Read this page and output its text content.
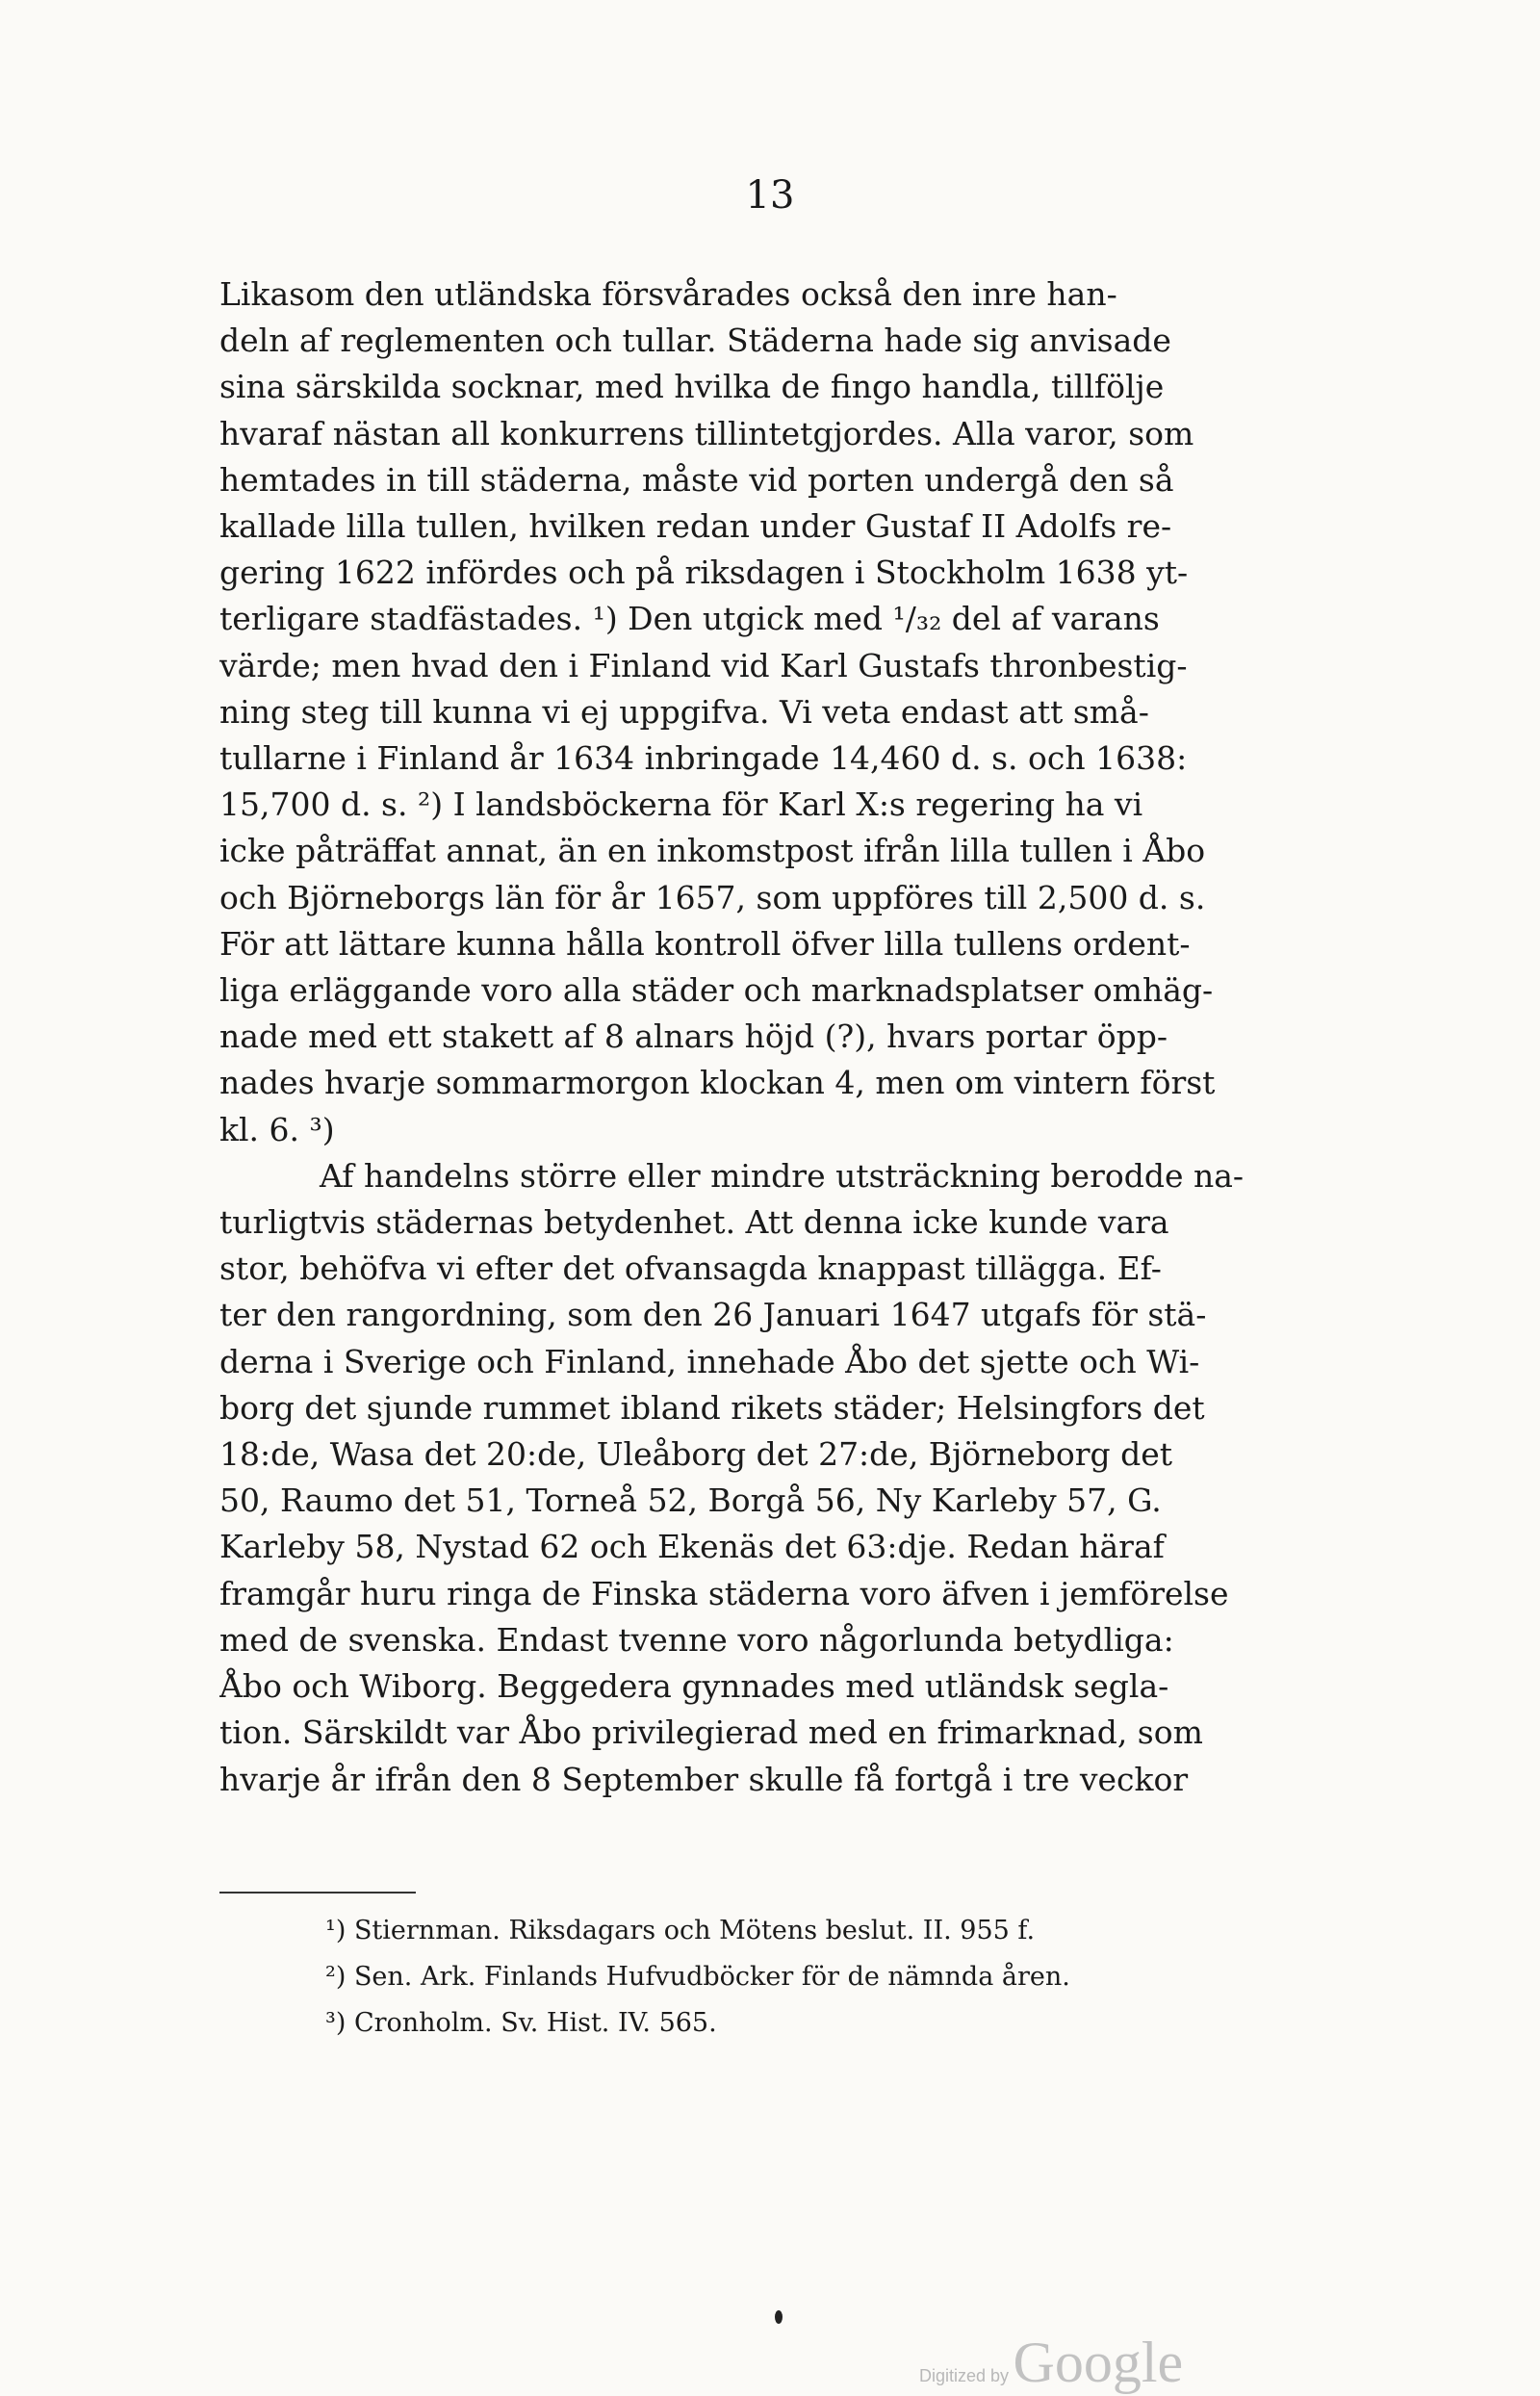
13
Likasom den utländska försvårades också den inre han-
deln af reglementen och tullar. Städerna hade sig anvisade
sina särskilda socknar, med hvilka de fingo handla, tillfölje
hvaraf nästan all konkurrens tillintetgjordes. Alla varor, som
hemtades in till städerna, måste vid porten undergå den så
kallade lilla tullen, hvilken redan under Gustaf II Adolfs re-
gering 1622 infördes och på riksdagen i Stockholm 1638 yt-
terligare stadfästades. ¹) Den utgick med ¹/₃₂ del af varans
värde; men hvad den i Finland vid Karl Gustafs thronbestig-
ning steg till kunna vi ej uppgifva. Vi veta endast att små-
tullarne i Finland år 1634 inbringade 14,460 d. s. och 1638:
15,700 d. s. ²) I landsböckerna för Karl X:s regering ha vi
icke påträffat annat, än en inkomstpost ifrån lilla tullen i Åbo
och Björneborgs län för år 1657, som uppföres till 2,500 d. s.
För att lättare kunna hålla kontroll öfver lilla tullens ordent-
liga erläggande voro alla städer och marknadsplatser omhäg-
nade med ett stakett af 8 alnars höjd (?), hvars portar öpp-
nades hvarje sommarmorgon klockan 4, men om vintern först
kl. 6. ³)
Af handelns större eller mindre utsträckning berodde na-
turligtvis städernas betydenhet. Att denna icke kunde vara
stor, behöfva vi efter det ofvansagda knappast tillägga. Ef-
ter den rangordning, som den 26 Januari 1647 utgafs för stä-
derna i Sverige och Finland, innehade Åbo det sjette och Wi-
borg det sjunde rummet ibland rikets städer; Helsingfors det
18:de, Wasa det 20:de, Uleåborg det 27:de, Björneborg det
50, Raumo det 51, Torneå 52, Borgå 56, Ny Karleby 57, G.
Karleby 58, Nystad 62 och Ekenäs det 63:dje. Redan häraf
framgår huru ringa de Finska städerna voro äfven i jemförelse
med de svenska. Endast tvenne voro någorlunda betydliga:
Åbo och Wiborg. Beggedera gynnades med utländsk segla-
tion. Särskildt var Åbo privilegierad med en frimarknad, som
hvarje år ifrån den 8 September skulle få fortgå i tre veckor
¹) Stiernman. Riksdagars och Mötens beslut. II. 955 f.
²) Sen. Ark. Finlands Hufvudböcker för de nämnda åren.
³) Cronholm. Sv. Hist. IV. 565.
Digitized by Google
